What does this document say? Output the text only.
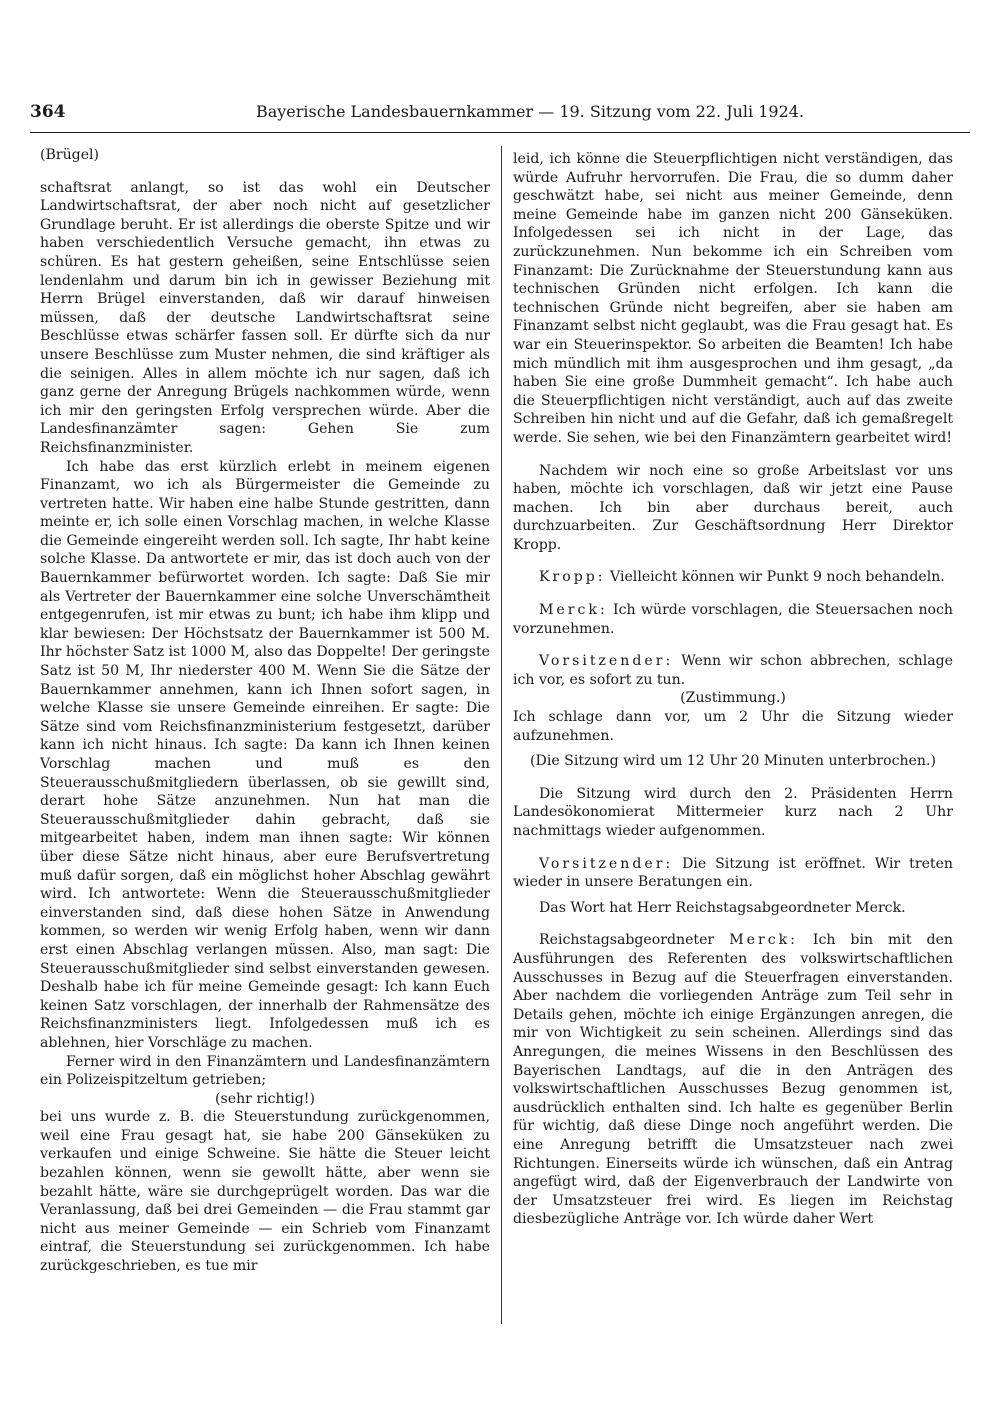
364	Bayerische Landesbauernkammer — 19. Sitzung vom 22. Juli 1924.

(Brügel)

schaftsrat anlangt, so ist das wohl ein Deutscher Landwirtschaftsrat, der aber noch nicht auf gesetzlicher Grundlage beruht. Er ist allerdings die oberste Spitze und wir haben verschiedentlich Versuche gemacht, ihn etwas zu schüren. Es hat gestern geheißen, seine Entschlüsse seien lendenlahm und darum bin ich in gewisser Beziehung mit Herrn Brügel einverstanden, daß wir darauf hinweisen müssen, daß der deutsche Landwirtschaftsrat seine Beschlüsse etwas schärfer fassen soll. Er dürfte sich da nur unsere Beschlüsse zum Muster nehmen, die sind kräftiger als die seinigen. Alles in allem möchte ich nur sagen, daß ich ganz gerne der Anregung Brügels nachkommen würde, wenn ich mir den geringsten Erfolg versprechen würde. Aber die Landesfinanzämter sagen: Gehen Sie zum Reichsfinanzminister.

Ich habe das erst kürzlich erlebt in meinem eigenen Finanzamt, wo ich als Bürgermeister die Gemeinde zu vertreten hatte. Wir haben eine halbe Stunde gestritten, dann meinte er, ich solle einen Vorschlag machen, in welche Klasse die Gemeinde eingereiht werden soll. Ich sagte, Ihr habt keine solche Klasse. Da antwortete er mir, das ist doch auch von der Bauernkammer befürwortet worden. Ich sagte: Daß Sie mir als Vertreter der Bauernkammer eine solche Unverschämtheit entgegenrufen, ist mir etwas zu bunt; ich habe ihm klipp und klar bewiesen: Der Höchstsatz der Bauernkammer ist 500 M. Ihr höchster Satz ist 1000 M, also das Doppelte! Der geringste Satz ist 50 M, Ihr niederster 400 M. Wenn Sie die Sätze der Bauernkammer annehmen, kann ich Ihnen sofort sagen, in welche Klasse sie unsere Gemeinde einreihen. Er sagte: Die Sätze sind vom Reichsfinanzministerium festgesetzt, darüber kann ich nicht hinaus. Ich sagte: Da kann ich Ihnen keinen Vorschlag machen und muß es den Steuerausschußmitgliedern überlassen, ob sie gewillt sind, derart hohe Sätze anzunehmen. Nun hat man die Steuerausschußmitglieder dahin gebracht, daß sie mitgearbeitet haben, indem man ihnen sagte: Wir können über diese Sätze nicht hinaus, aber eure Berufsvertretung muß dafür sorgen, daß ein möglichst hoher Abschlag gewährt wird. Ich antwortete: Wenn die Steuerausschußmitglieder einverstanden sind, daß diese hohen Sätze in Anwendung kommen, so werden wir wenig Erfolg haben, wenn wir dann erst einen Abschlag verlangen müssen. Also, man sagt: Die Steuerausschußmitglieder sind selbst einverstanden gewesen. Deshalb habe ich für meine Gemeinde gesagt: Ich kann Euch keinen Satz vorschlagen, der innerhalb der Rahmensätze des Reichsfinanzministers liegt. Infolgedessen muß ich es ablehnen, hier Vorschläge zu machen.

Ferner wird in den Finanzämtern und Landesfinanzämtern ein Polizeispitzeltum getrieben;

(sehr richtig!)

bei uns wurde z. B. die Steuerstundung zurückgenommen, weil eine Frau gesagt hat, sie habe 200 Gänseküken zu verkaufen und einige Schweine. Sie hätte die Steuer leicht bezahlen können, wenn sie gewollt hätte, aber wenn sie bezahlt hätte, wäre sie durchgeprügelt worden. Das war die Veranlassung, daß bei drei Gemeinden — die Frau stammt gar nicht aus meiner Gemeinde — ein Schrieb vom Finanzamt eintraf, die Steuerstundung sei zurückgenommen. Ich habe zurückgeschrieben, es tue mir

leid, ich könne die Steuerpflichtigen nicht verständigen, das würde Aufruhr hervorrufen. Die Frau, die so dumm daher geschwätzt habe, sei nicht aus meiner Gemeinde, denn meine Gemeinde habe im ganzen nicht 200 Gänseküken. Infolgedessen sei ich nicht in der Lage, das zurückzunehmen. Nun bekomme ich ein Schreiben vom Finanzamt: Die Zurücknahme der Steuerstundung kann aus technischen Gründen nicht erfolgen. Ich kann die technischen Gründe nicht begreifen, aber sie haben am Finanzamt selbst nicht geglaubt, was die Frau gesagt hat. Es war ein Steuerinspektor. So arbeiten die Beamten! Ich habe mich mündlich mit ihm ausgesprochen und ihm gesagt, „da haben Sie eine große Dummheit gemacht“. Ich habe auch die Steuerpflichtigen nicht verständigt, auch auf das zweite Schreiben hin nicht und auf die Gefahr, daß ich gemaßregelt werde. Sie sehen, wie bei den Finanzämtern gearbeitet wird!

Nachdem wir noch eine so große Arbeitslast vor uns haben, möchte ich vorschlagen, daß wir jetzt eine Pause machen. Ich bin aber durchaus bereit, auch durchzuarbeiten. Zur Geschäftsordnung Herr Direktor Kropp.

Kropp: Vielleicht können wir Punkt 9 noch behandeln.

Merck: Ich würde vorschlagen, die Steuersachen noch vorzunehmen.

Vorsitzender: Wenn wir schon abbrechen, schlage ich vor, es sofort zu tun.

(Zustimmung.)

Ich schlage dann vor, um 2 Uhr die Sitzung wieder aufzunehmen.

(Die Sitzung wird um 12 Uhr 20 Minuten unterbrochen.)

Die Sitzung wird durch den 2. Präsidenten Herrn Landesökonomierat Mittermeier kurz nach 2 Uhr nachmittags wieder aufgenommen.

Vorsitzender: Die Sitzung ist eröffnet. Wir treten wieder in unsere Beratungen ein.

Das Wort hat Herr Reichstagsabgeordneter Merck.

Reichstagsabgeordneter Merck: Ich bin mit den Ausführungen des Referenten des volkswirtschaftlichen Ausschusses in Bezug auf die Steuerfragen einverstanden. Aber nachdem die vorliegenden Anträge zum Teil sehr in Details gehen, möchte ich einige Ergänzungen anregen, die mir von Wichtigkeit zu sein scheinen. Allerdings sind das Anregungen, die meines Wissens in den Beschlüssen des Bayerischen Landtags, auf die in den Anträgen des volkswirtschaftlichen Ausschusses Bezug genommen ist, ausdrücklich enthalten sind. Ich halte es gegenüber Berlin für wichtig, daß diese Dinge noch angeführt werden. Die eine Anregung betrifft die Umsatzsteuer nach zwei Richtungen. Einerseits würde ich wünschen, daß ein Antrag angefügt wird, daß der Eigenverbrauch der Landwirte von der Umsatzsteuer frei wird. Es liegen im Reichstag diesbezügliche Anträge vor. Ich würde daher Wert
